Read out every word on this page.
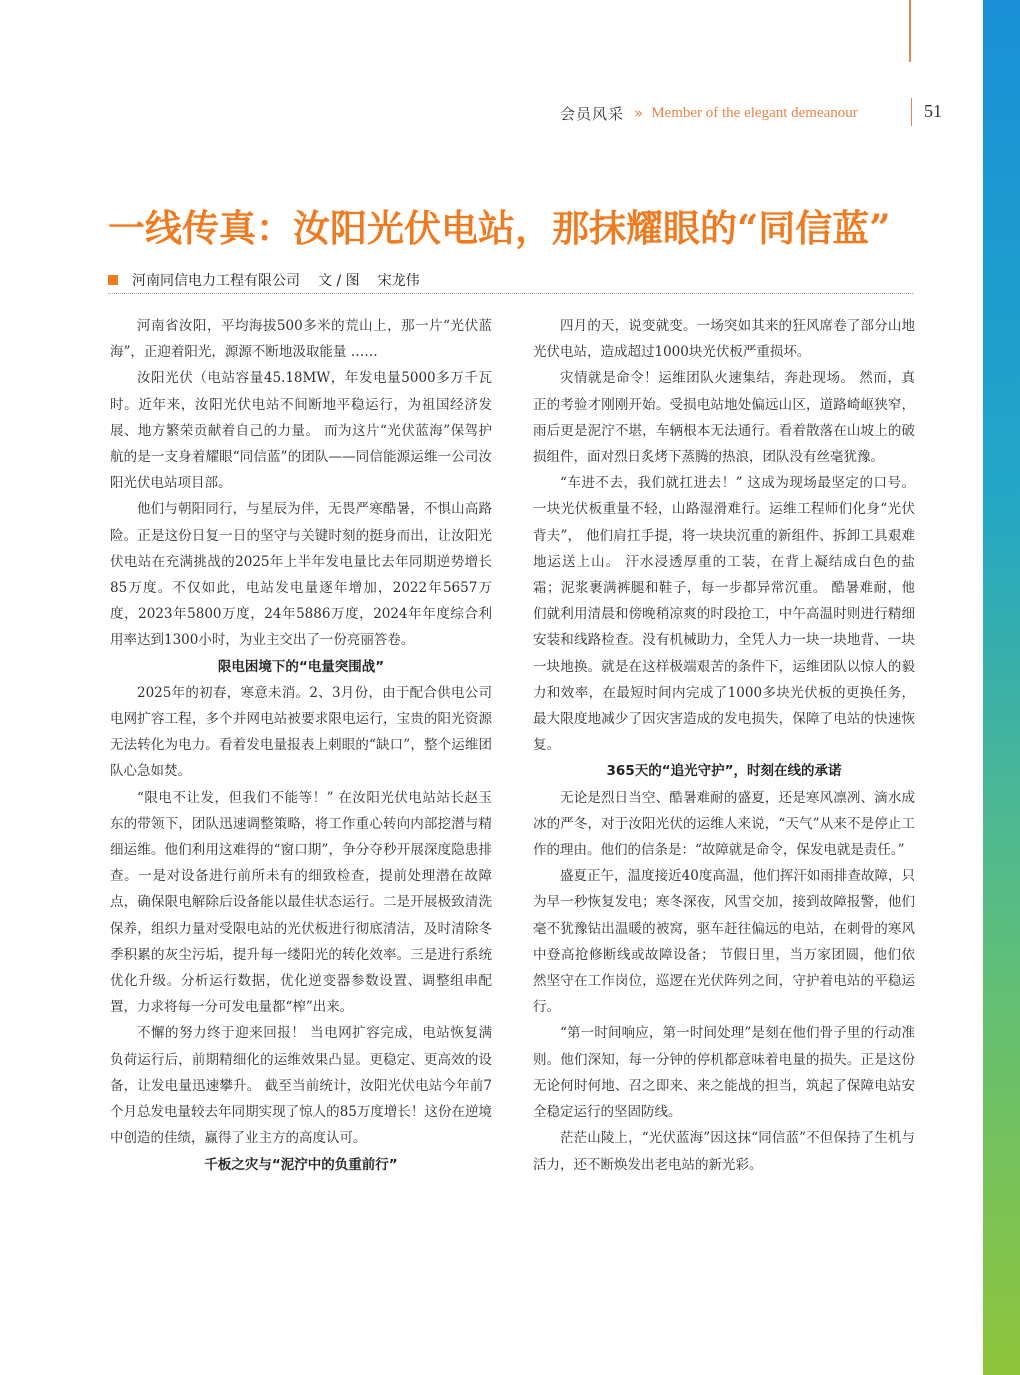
会员风采 » Member of the elegant demeanour	51
一线传真：汝阳光伏电站，那抹耀眼的“同信蓝”
河南同信电力工程有限公司 文 / 图 宋龙伟

河南省汝阳，平均海拔500多米的荒山上，那一片“光伏蓝海”，正迎着阳光，源源不断地汲取能量 ……

汝阳光伏（电站容量45.18MW，年发电量5000多万千瓦时。近年来，汝阳光伏电站不间断地平稳运行，为祖国经济发展、地方繁荣贡献着自己的力量。 而为这片“光伏蓝海”保驾护航的是一支身着耀眼“同信蓝”的团队——同信能源运维一公司汝阳光伏电站项目部。

他们与朝阳同行，与星辰为伴，无畏严寒酷暑，不惧山高路险。正是这份日复一日的坚守与关键时刻的挺身而出，让汝阳光伏电站在充满挑战的2025年上半年发电量比去年同期逆势增长85万度。不仅如此，电站发电量逐年增加，2022年5657万度，2023年5800万度，24年5886万度，2024年年度综合利用率达到1300小时，为业主交出了一份亮丽答卷。

限电困境下的“电量突围战”

2025年的初春，寒意未消。2、3月份，由于配合供电公司电网扩容工程，多个并网电站被要求限电运行，宝贵的阳光资源无法转化为电力。看着发电量报表上刺眼的“缺口”，整个运维团队心急如焚。

“限电不让发，但我们不能等！” 在汝阳光伏电站站长赵玉东的带领下，团队迅速调整策略，将工作重心转向内部挖潜与精细运维。他们利用这难得的“窗口期”，争分夺秒开展深度隐患排查。一是对设备进行前所未有的细致检查，提前处理潜在故障点，确保限电解除后设备能以最佳状态运行。二是开展极致清洗保养，组织力量对受限电站的光伏板进行彻底清洁，及时清除冬季积累的灰尘污垢，提升每一缕阳光的转化效率。三是进行系统优化升级。分析运行数据，优化逆变器参数设置、调整组串配置，力求将每一分可发电量都“榨”出来。

不懈的努力终于迎来回报！ 当电网扩容完成，电站恢复满负荷运行后，前期精细化的运维效果凸显。更稳定、更高效的设备，让发电量迅速攀升。 截至当前统计，汝阳光伏电站今年前7个月总发电量较去年同期实现了惊人的85万度增长！这份在逆境中创造的佳绩，赢得了业主方的高度认可。

千板之灾与“泥泞中的负重前行”

四月的天，说变就变。一场突如其来的狂风席卷了部分山地光伏电站，造成超过1000块光伏板严重损坏。

灾情就是命令！运维团队火速集结，奔赴现场。 然而，真正的考验才刚刚开始。受损电站地处偏远山区，道路崎岖狭窄，雨后更是泥泞不堪，车辆根本无法通行。看着散落在山坡上的破损组件，面对烈日炙烤下蒸腾的热浪，团队没有丝毫犹豫。

“车进不去，我们就扛进去！” 这成为现场最坚定的口号。一块光伏板重量不轻，山路湿滑难行。运维工程师们化身“光伏背夫”， 他们肩扛手提，将一块块沉重的新组件、拆卸工具艰难地运送上山。 汗水浸透厚重的工装，在背上凝结成白色的盐霜；泥浆裹满裤腿和鞋子，每一步都异常沉重。 酷暑难耐，他们就利用清晨和傍晚稍凉爽的时段抢工，中午高温时则进行精细安装和线路检查。没有机械助力，全凭人力一块一块地背、一块一块地换。就是在这样极端艰苦的条件下，运维团队以惊人的毅力和效率，在最短时间内完成了1000多块光伏板的更换任务，最大限度地减少了因灾害造成的发电损失，保障了电站的快速恢复。

365天的“追光守护”，时刻在线的承诺

无论是烈日当空、酷暑难耐的盛夏，还是寒风凛冽、滴水成冰的严冬，对于汝阳光伏的运维人来说，“天气”从来不是停止工作的理由。他们的信条是：“故障就是命令，保发电就是责任。”

盛夏正午，温度接近40度高温，他们挥汗如雨排查故障，只为早一秒恢复发电；寒冬深夜，风雪交加，接到故障报警，他们毫不犹豫钻出温暖的被窝，驱车赶往偏远的电站，在刺骨的寒风中登高抢修断线或故障设备； 节假日里，当万家团圆，他们依然坚守在工作岗位，巡逻在光伏阵列之间，守护着电站的平稳运行。

“第一时间响应，第一时间处理”是刻在他们骨子里的行动准则。他们深知，每一分钟的停机都意味着电量的损失。正是这份无论何时何地、召之即来、来之能战的担当，筑起了保障电站安全稳定运行的坚固防线。

茫茫山陵上，“光伏蓝海”因这抹“同信蓝”不但保持了生机与活力，还不断焕发出老电站的新光彩。
